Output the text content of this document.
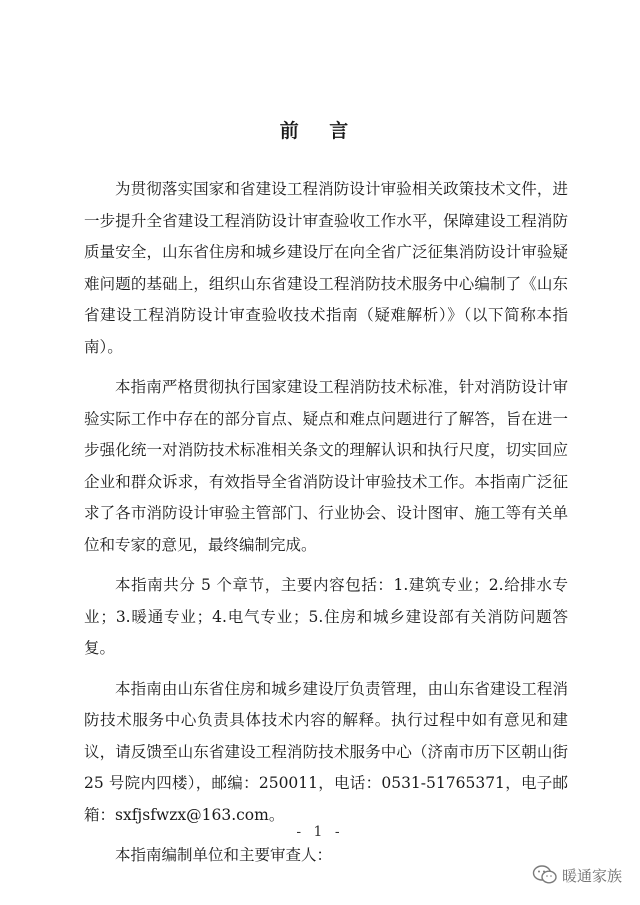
前 言

为贯彻落实国家和省建设工程消防设计审验相关政策技术文件，进一步提升全省建设工程消防设计审查验收工作水平，保障建设工程消防质量安全，山东省住房和城乡建设厅在向全省广泛征集消防设计审验疑难问题的基础上，组织山东省建设工程消防技术服务中心编制了《山东省建设工程消防设计审查验收技术指南（疑难解析）》（以下简称本指南）。

本指南严格贯彻执行国家建设工程消防技术标准，针对消防设计审验实际工作中存在的部分盲点、疑点和难点问题进行了解答，旨在进一步强化统一对消防技术标准相关条文的理解认识和执行尺度，切实回应企业和群众诉求，有效指导全省消防设计审验技术工作。本指南广泛征求了各市消防设计审验主管部门、行业协会、设计图审、施工等有关单位和专家的意见，最终编制完成。

本指南共分 5 个章节，主要内容包括：1.建筑专业；2.给排水专业；3.暖通专业；4.电气专业；5.住房和城乡建设部有关消防问题答复。

本指南由山东省住房和城乡建设厅负责管理，由山东省建设工程消防技术服务中心负责具体技术内容的解释。执行过程中如有意见和建议，请反馈至山东省建设工程消防技术服务中心（济南市历下区朝山街 25 号院内四楼），邮编：250011，电话：0531-51765371，电子邮箱：sxfjsfwzx@163.com。

本指南编制单位和主要审查人：

- 1 -
暖通家族
